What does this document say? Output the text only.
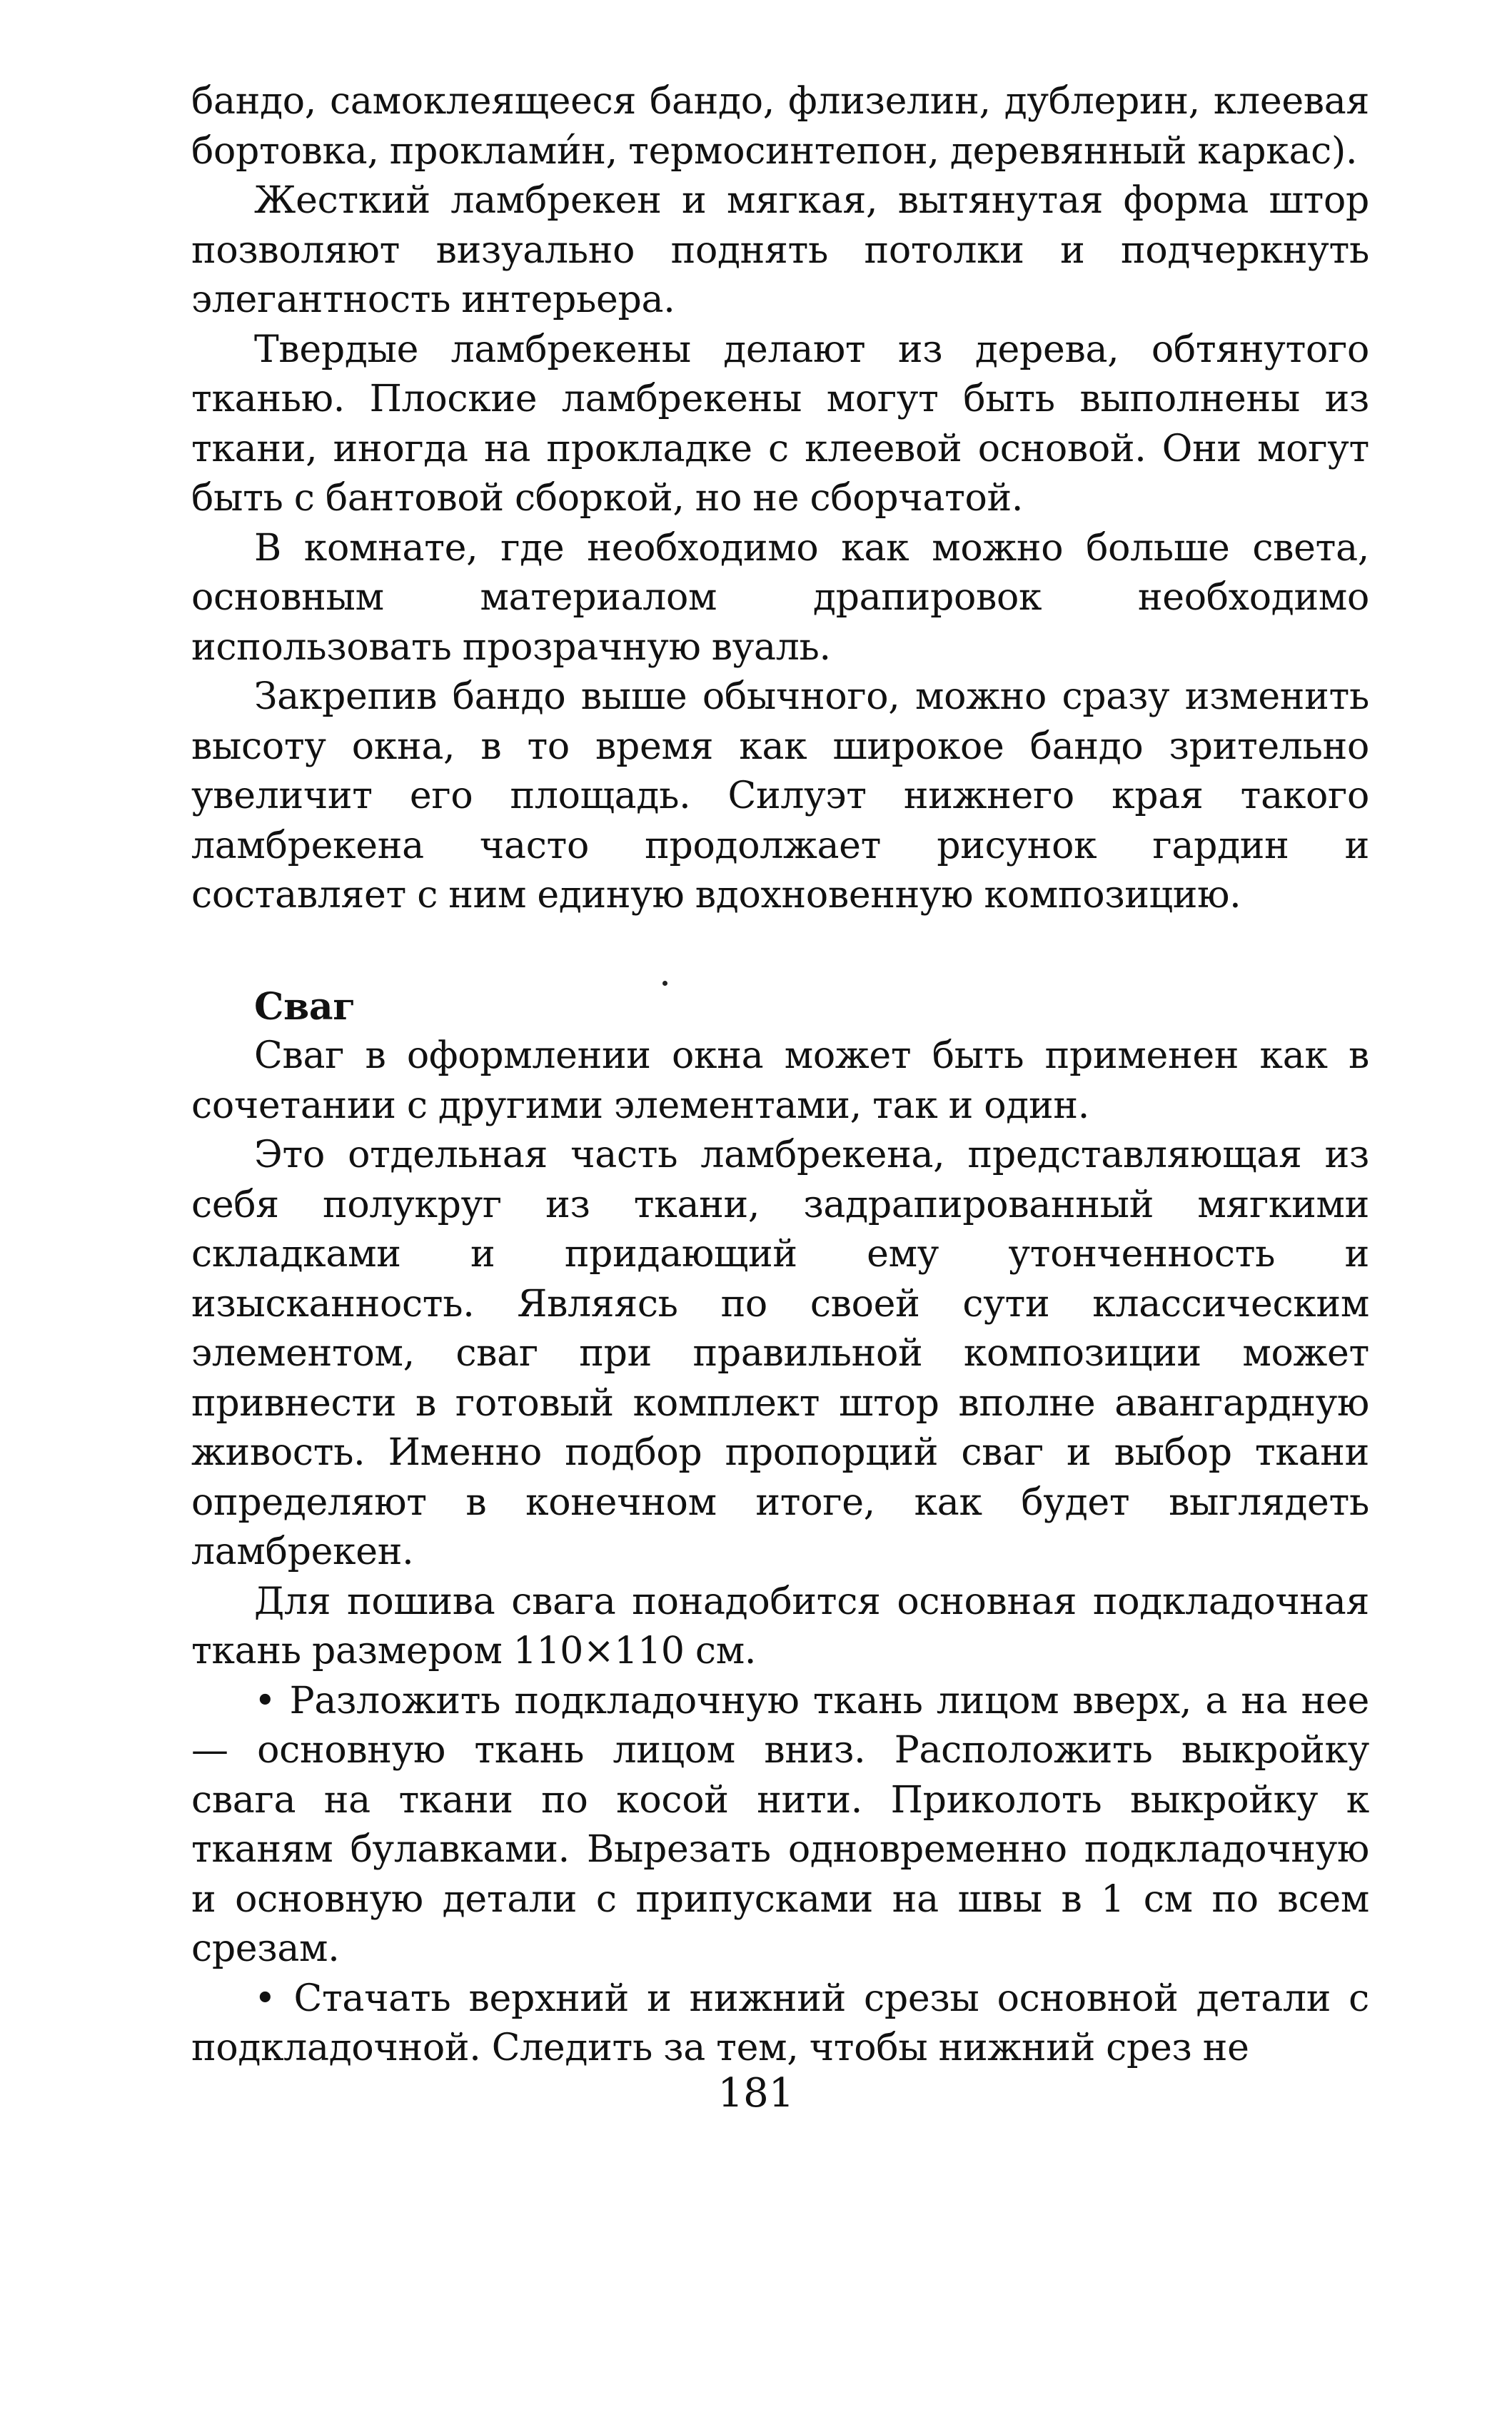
бандо, самоклеящееся бандо, флизелин, дублерин, клеевая бортовка, проклами́н, термосинтепон, деревянный каркас).

Жесткий ламбрекен и мягкая, вытянутая форма штор позволяют визуально поднять потолки и подчеркнуть элегантность интерьера.

Твердые ламбрекены делают из дерева, обтянутого тканью. Плоские ламбрекены могут быть выполнены из ткани, иногда на прокладке с клеевой основой. Они могут быть с бантовой сборкой, но не сборчатой.

В комнате, где необходимо как можно больше света, основным материалом драпировок необходимо использовать прозрачную вуаль.

Закрепив бандо выше обычного, можно сразу изменить высоту окна, в то время как широкое бандо зрительно увеличит его площадь. Силуэт нижнего края такого ламбрекена часто продолжает рисунок гардин и составляет с ним единую вдохновенную композицию.

Сваг

Сваг в оформлении окна может быть применен как в сочетании с другими элементами, так и один.

Это отдельная часть ламбрекена, представляющая из себя полукруг из ткани, задрапированный мягкими складками и придающий ему утонченность и изысканность. Являясь по своей сути классическим элементом, сваг при правильной композиции может привнести в готовый комплект штор вполне авангардную живость. Именно подбор пропорций сваг и выбор ткани определяют в конечном итоге, как будет выглядеть ламбрекен.

Для пошива свага понадобится основная подкладочная ткань размером 110×110 см.

• Разложить подкладочную ткань лицом вверх, а на нее — основную ткань лицом вниз. Расположить выкройку свага на ткани по косой нити. Приколоть выкройку к тканям булавками. Вырезать одновременно подкладочную и основную детали с припусками на швы в 1 см по всем срезам.

• Стачать верхний и нижний срезы основной детали с подкладочной. Следить за тем, чтобы нижний срез не

181
